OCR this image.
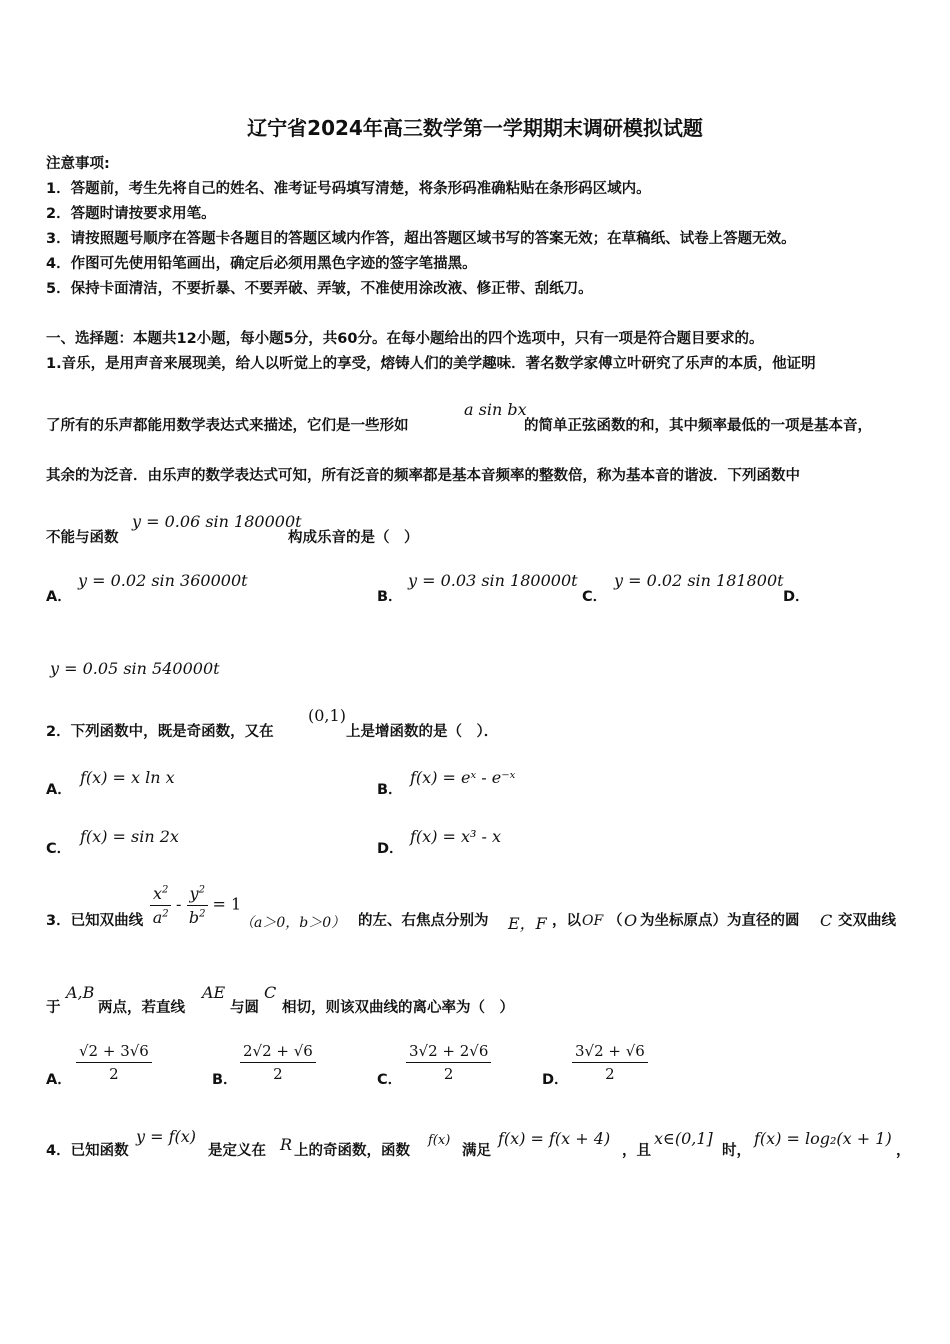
辽宁省2024年高三数学第一学期期末调研模拟试题
注意事项:
1．答题前，考生先将自己的姓名、准考证号码填写清楚，将条形码准确粘贴在条形码区域内。
2．答题时请按要求用笔。
3．请按照题号顺序在答题卡各题目的答题区域内作答，超出答题区域书写的答案无效；在草稿纸、试卷上答题无效。
4．作图可先使用铅笔画出，确定后必须用黑色字迹的签字笔描黑。
5．保持卡面清洁，不要折暴、不要弄破、弄皱，不准使用涂改液、修正带、刮纸刀。
一、选择题：本题共12小题，每小题5分，共60分。在每小题给出的四个选项中，只有一项是符合题目要求的。
1.音乐，是用声音来展现美，给人以听觉上的享受，熔铸人们的美学趣味．著名数学家傅立叶研究了乐声的本质，他证明
了所有的乐声都能用数学表达式来描述，它们是一些形如
a sin bx
的简单正弦函数的和，其中频率最低的一项是基本音，
其余的为泛音．由乐声的数学表达式可知，所有泛音的频率都是基本音频率的整数倍，称为基本音的谐波．下列函数中
不能与函数
y = 0.06 sin 180000t
构成乐音的是（　）
A．
y = 0.02 sin 360000t
B．
y = 0.03 sin 180000t
C．
y = 0.02 sin 181800t
D．
y = 0.05 sin 540000t
2．下列函数中，既是奇函数，又在
(0,1)
上是增函数的是（　）．
A．
f(x) = x ln x
B．
f(x) = eˣ - e⁻ˣ
C．
f(x) = sin 2x
D．
f(x) = x³ - x
3．已知双曲线 $\frac{x^2}{a^2} - \frac{y^2}{b^2} = 1$
（a＞0，b＞0） 的左、右焦点分别为 E，F ，以 OF （ O 为坐标原点）为直径的圆 C 交双曲线
于
A,B
两点，若直线
AE
与圆
C
相切，则该双曲线的离心率为（　）
A． $\frac{√2 + 3√6}{2}$	B． $\frac{2√2 + √6}{2}$	C． $\frac{3√2 + 2√6}{2}$	D． $\frac{3√2 + √6}{2}$
4．已知函数
y = f(x)
是定义在 R 上的奇函数，函数
f(x)
满足
f(x) = f(x + 4)
，且
x∈(0,1]
时，
f(x) = log₂(x + 1)
，
